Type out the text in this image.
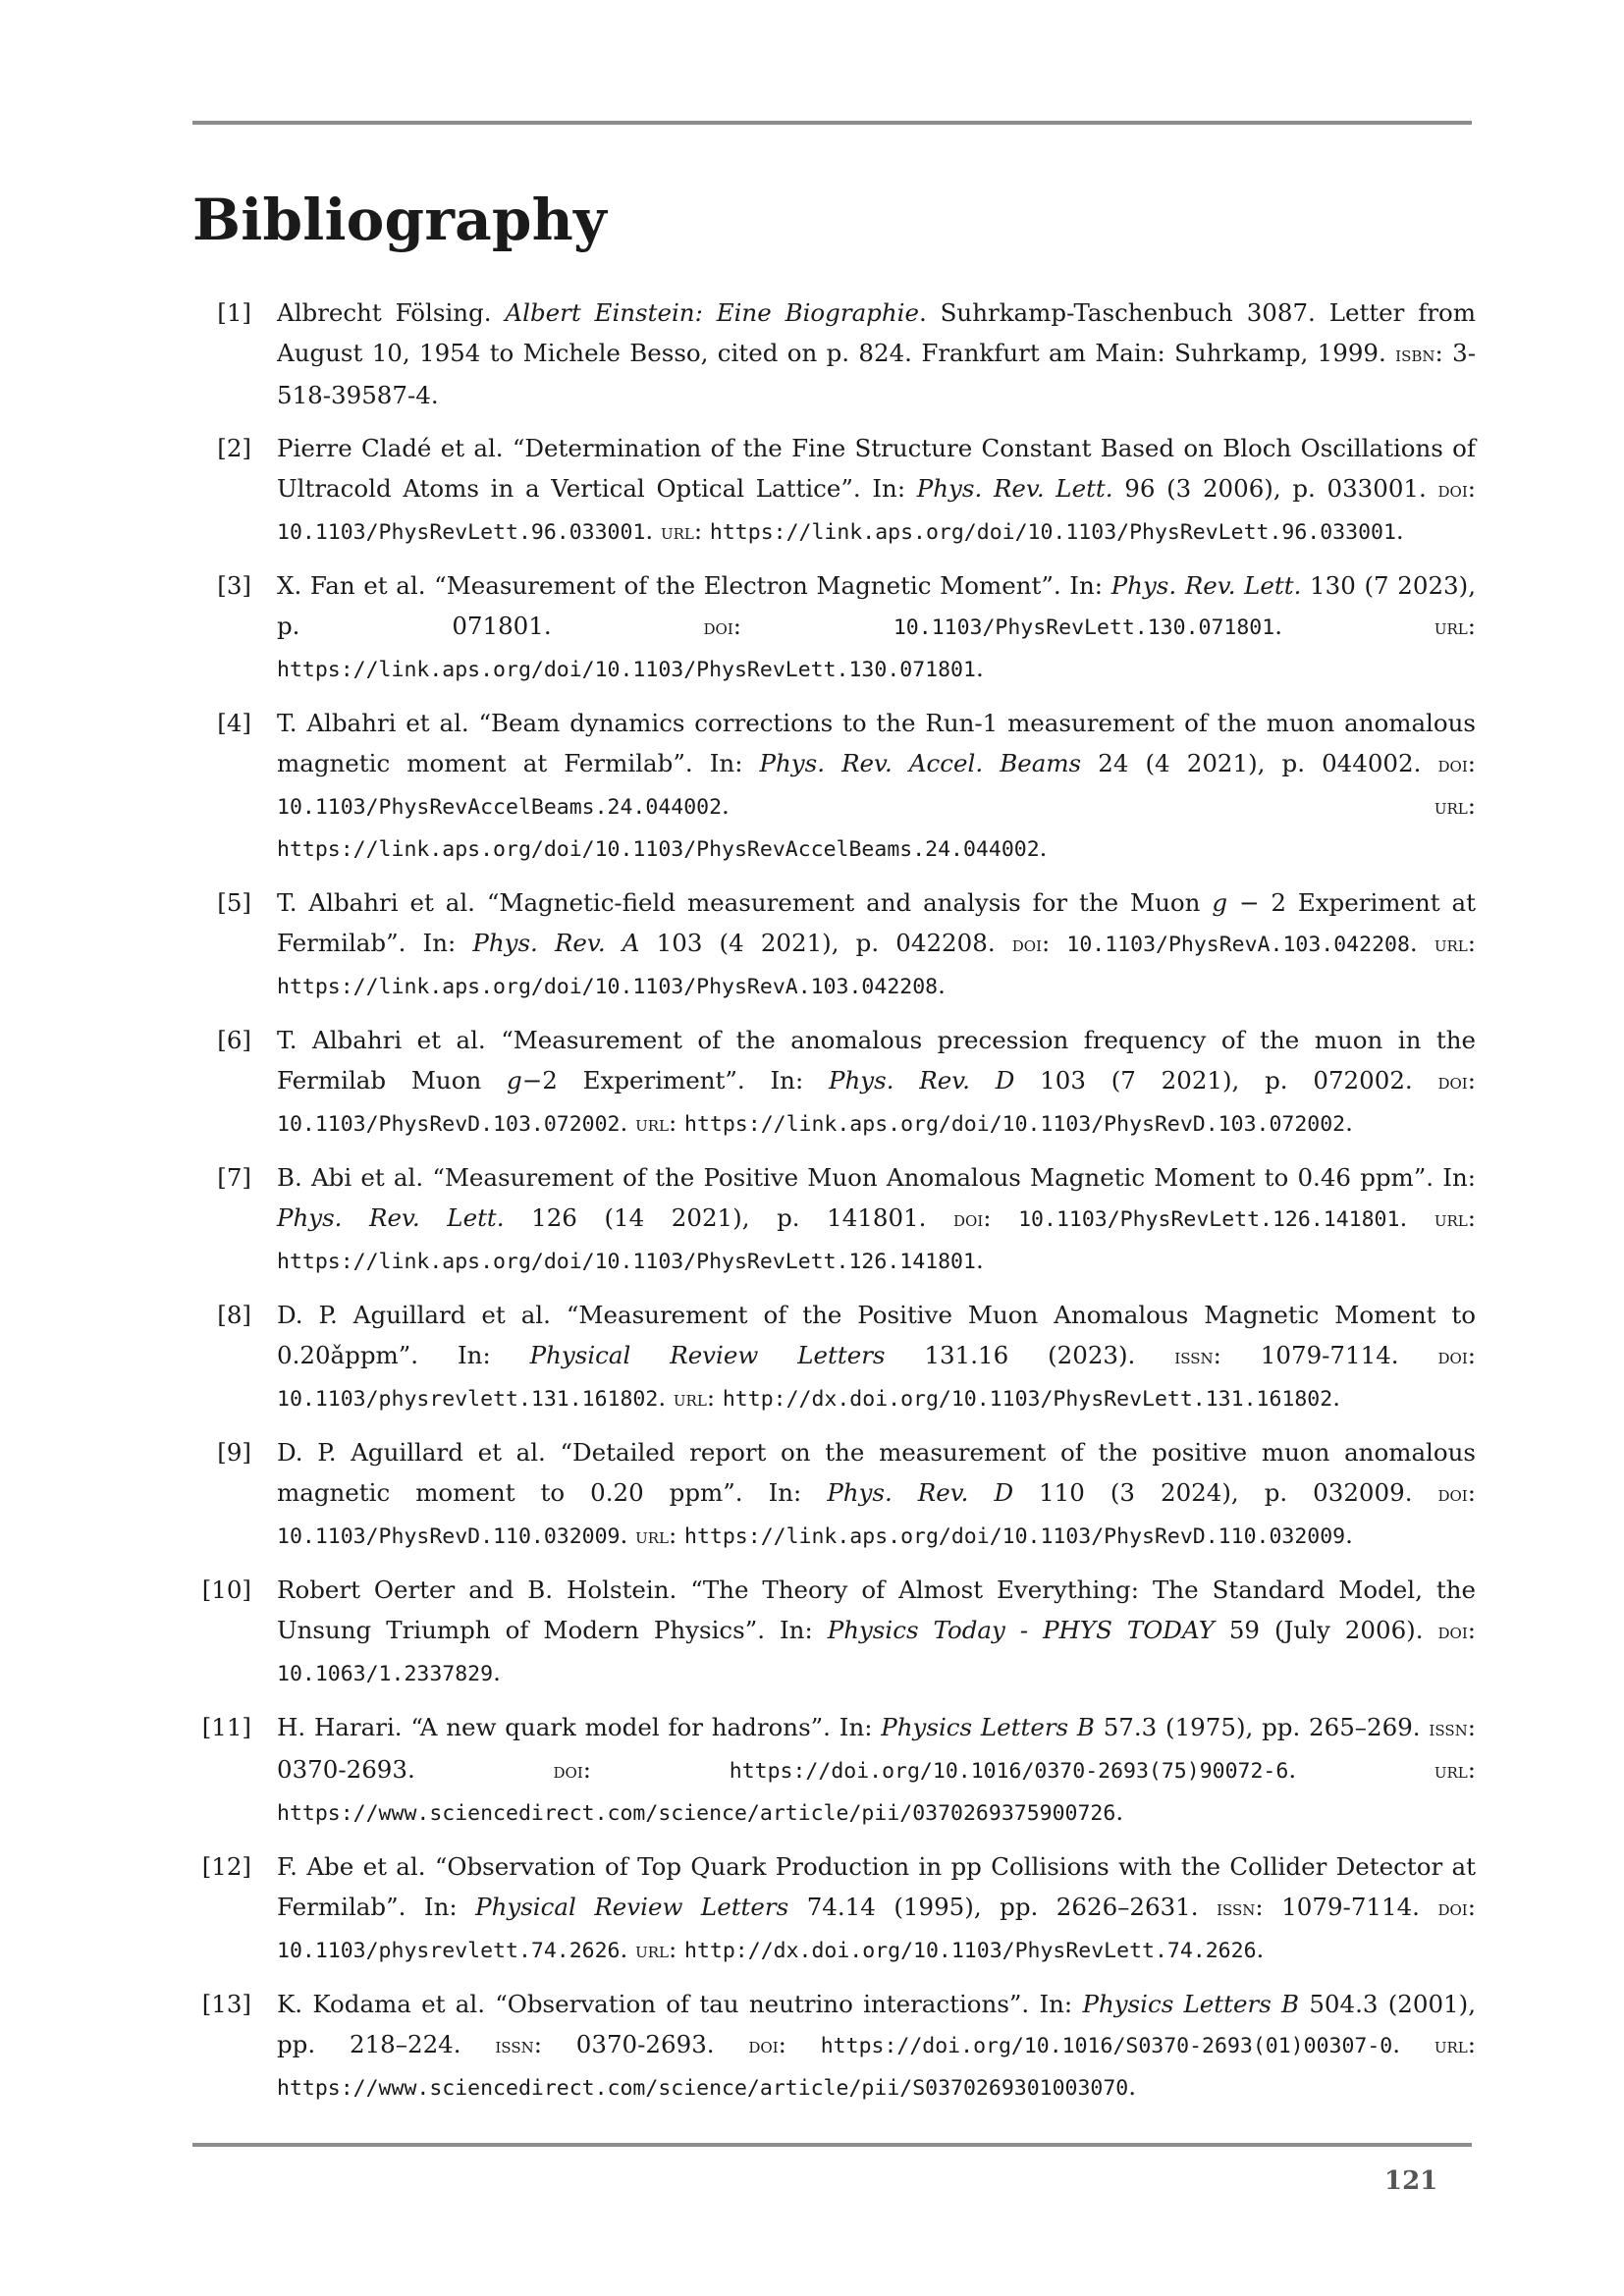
Bibliography
[1]	Albrecht Fölsing. Albert Einstein: Eine Biographie. Suhrkamp-Taschenbuch 3087. Letter from August 10, 1954 to Michele Besso, cited on p. 824. Frankfurt am Main: Suhrkamp, 1999. isbn: 3-518-39587-4.
[2]	Pierre Cladé et al. “Determination of the Fine Structure Constant Based on Bloch Oscillations of Ultracold Atoms in a Vertical Optical Lattice”. In: Phys. Rev. Lett. 96 (3 2006), p. 033001. doi: 10.1103/PhysRevLett.96.033001. url: https://link.aps.org/doi/10.1103/PhysRevLett.96.033001.
[3]	X. Fan et al. “Measurement of the Electron Magnetic Moment”. In: Phys. Rev. Lett. 130 (7 2023), p. 071801. doi: 10.1103/PhysRevLett.130.071801. url: https://link.aps.org/doi/10.1103/PhysRevLett.130.071801.
[4]	T. Albahri et al. “Beam dynamics corrections to the Run-1 measurement of the muon anomalous magnetic moment at Fermilab”. In: Phys. Rev. Accel. Beams 24 (4 2021), p. 044002. doi: 10.1103/PhysRevAccelBeams.24.044002. url: https://link.aps.org/doi/10.1103/PhysRevAccelBeams.24.044002.
[5]	T. Albahri et al. “Magnetic-field measurement and analysis for the Muon g − 2 Experiment at Fermilab”. In: Phys. Rev. A 103 (4 2021), p. 042208. doi: 10.1103/PhysRevA.103.042208. url: https://link.aps.org/doi/10.1103/PhysRevA.103.042208.
[6]	T. Albahri et al. “Measurement of the anomalous precession frequency of the muon in the Fermilab Muon g−2 Experiment”. In: Phys. Rev. D 103 (7 2021), p. 072002. doi: 10.1103/PhysRevD.103.072002. url: https://link.aps.org/doi/10.1103/PhysRevD.103.072002.
[7]	B. Abi et al. “Measurement of the Positive Muon Anomalous Magnetic Moment to 0.46 ppm”. In: Phys. Rev. Lett. 126 (14 2021), p. 141801. doi: 10.1103/PhysRevLett.126.141801. url: https://link.aps.org/doi/10.1103/PhysRevLett.126.141801.
[8]	D. P. Aguillard et al. “Measurement of the Positive Muon Anomalous Magnetic Moment to 0.20ǎppm”. In: Physical Review Letters 131.16 (2023). issn: 1079-7114. doi: 10.1103/physrevlett.131.161802. url: http://dx.doi.org/10.1103/PhysRevLett.131.161802.
[9]	D. P. Aguillard et al. “Detailed report on the measurement of the positive muon anomalous magnetic moment to 0.20 ppm”. In: Phys. Rev. D 110 (3 2024), p. 032009. doi: 10.1103/PhysRevD.110.032009. url: https://link.aps.org/doi/10.1103/PhysRevD.110.032009.
[10]	Robert Oerter and B. Holstein. “The Theory of Almost Everything: The Standard Model, the Unsung Triumph of Modern Physics”. In: Physics Today - PHYS TODAY 59 (July 2006). doi: 10.1063/1.2337829.
[11]	H. Harari. “A new quark model for hadrons”. In: Physics Letters B 57.3 (1975), pp. 265–269. issn: 0370-2693. doi: https://doi.org/10.1016/0370-2693(75)90072-6. url: https://www.sciencedirect.com/science/article/pii/0370269375900726.
[12]	F. Abe et al. “Observation of Top Quark Production in pp Collisions with the Collider Detector at Fermilab”. In: Physical Review Letters 74.14 (1995), pp. 2626–2631. issn: 1079-7114. doi: 10.1103/physrevlett.74.2626. url: http://dx.doi.org/10.1103/PhysRevLett.74.2626.
[13]	K. Kodama et al. “Observation of tau neutrino interactions”. In: Physics Letters B 504.3 (2001), pp. 218–224. issn: 0370-2693. doi: https://doi.org/10.1016/S0370-2693(01)00307-0. url: https://www.sciencedirect.com/science/article/pii/S0370269301003070.
121
